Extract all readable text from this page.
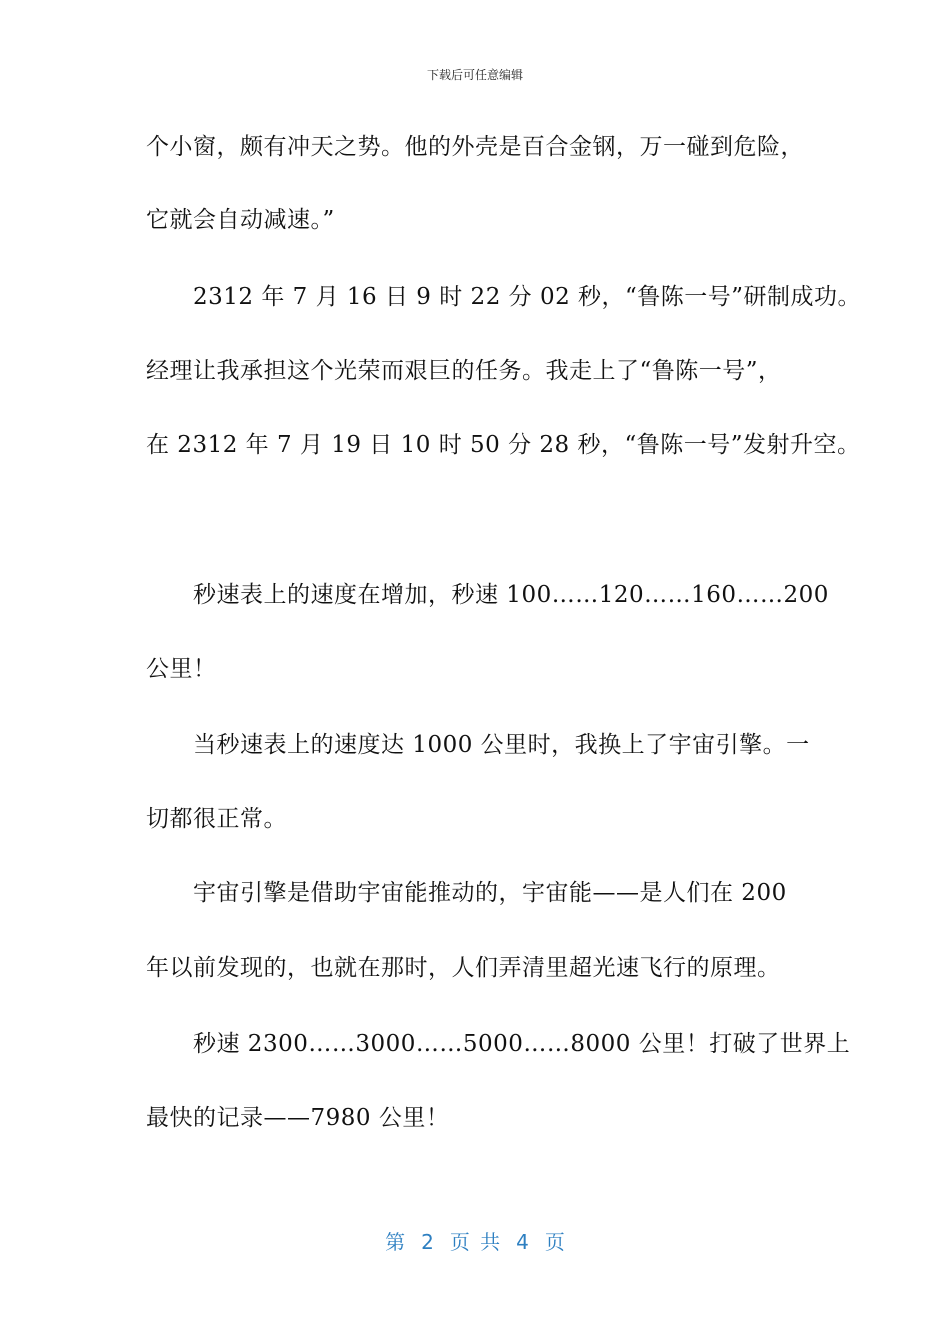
下载后可任意编辑
个小窗，颇有冲天之势。他的外壳是百合金钢，万一碰到危险，
它就会自动减速。”
2312 年 7 月 16 日 9 时 22 分 02 秒，“鲁陈一号”研制成功。
经理让我承担这个光荣而艰巨的任务。我走上了“鲁陈一号”，
在 2312 年 7 月 19 日 10 时 50 分 28 秒，“鲁陈一号”发射升空。
秒速表上的速度在增加，秒速 100……120……160……200
公里！
当秒速表上的速度达 1000 公里时，我换上了宇宙引擎。一
切都很正常。
宇宙引擎是借助宇宙能推动的，宇宙能——是人们在 200
年以前发现的，也就在那时，人们弄清里超光速飞行的原理。
秒速 2300……3000……5000……8000 公里！打破了世界上
最快的记录——7980 公里！
第 2 页 共 4 页
